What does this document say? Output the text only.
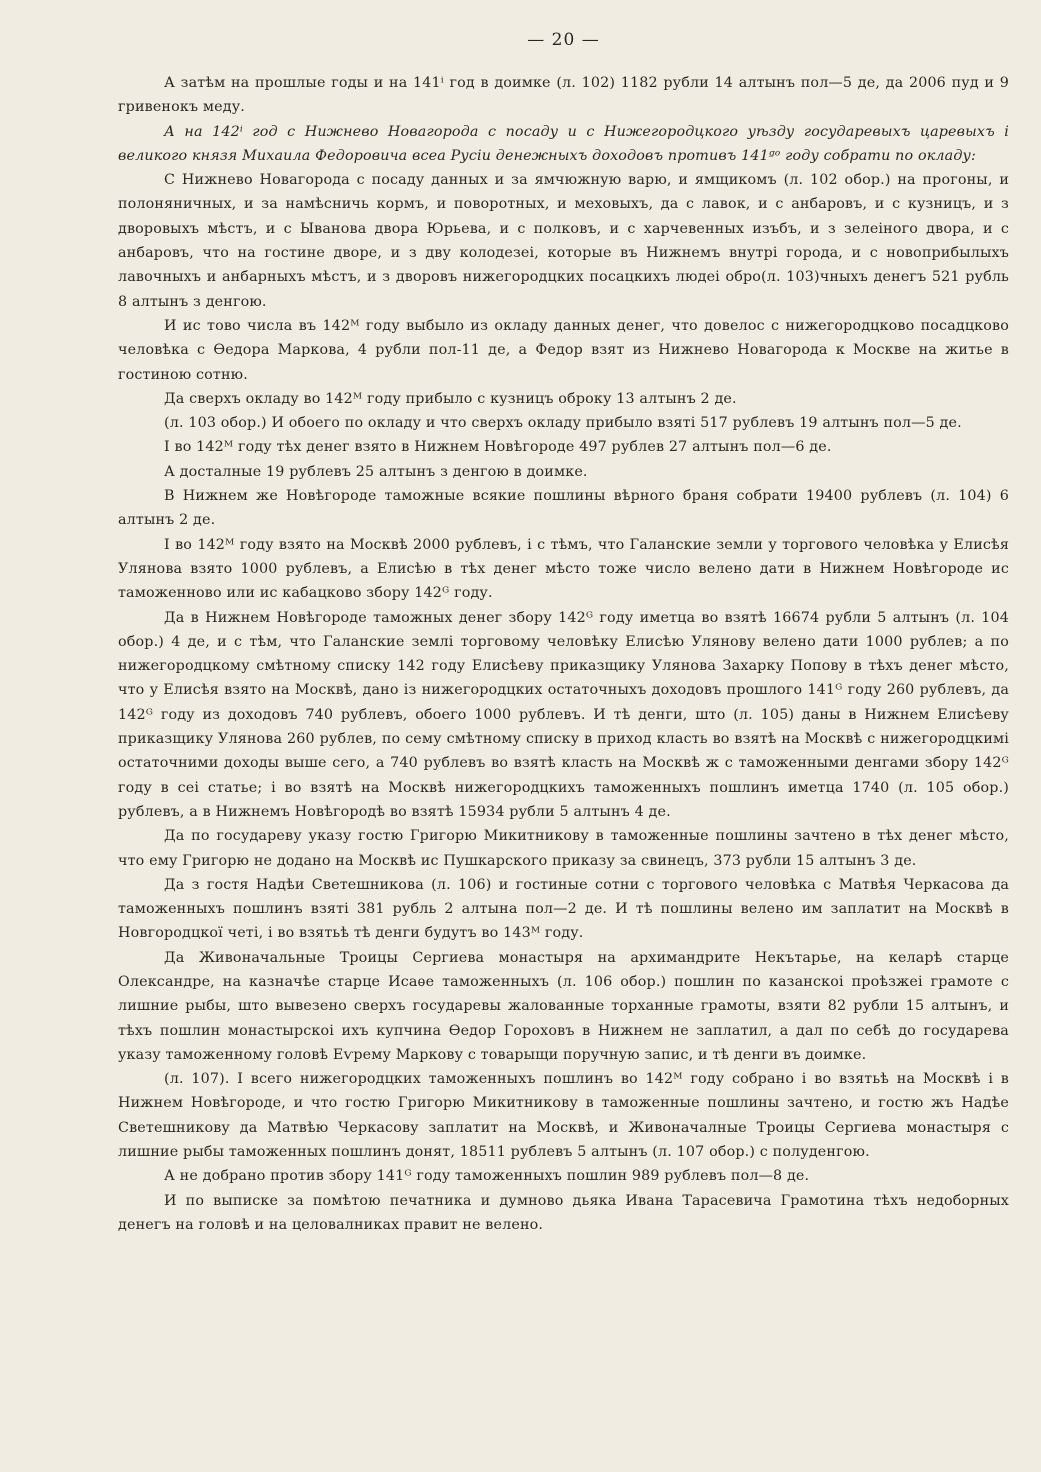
— 20 —

А затѣм на прошлые годы и на 141ⁱ год в доимке (л. 102) 1182 рубли 14 алтынъ пол—5 де, да 2006 пуд и 9 гривенокъ меду.

А на 142ⁱ год с Нижнево Новагорода с посаду и с Нижегородцкого уѣзду государевыхъ царевыхъ і великого князя Михаила Федоровича всеа Русіи денежныхъ доходовъ противъ 141ᵍᵒ году собрати по окладу:

С Нижнево Новагорода с посаду данных и за ямчюжную варю, и ямщикомъ (л. 102 обор.) на прогоны, и полоняничных, и за намѣсничь кормъ, и поворотных, и меховыхъ, да с лавок, и с анбаровъ, и с кузницъ, и з дворовыхъ мѣстъ, и с Ыванова двора Юрьева, и с полковъ, и с харчевенных изъбъ, и з зелеіного двора, и с анбаровъ, что на гостине дворе, и з дву колодезеі, которые въ Нижнемъ внутрі города, и с новоприбылыхъ лавочныхъ и анбарныхъ мѣстъ, и з дворовъ нижегородцких посацкихъ людеі обро(л. 103)чныхъ денегъ 521 рубль 8 алтынъ з денгою.

И ис тово числа въ 142ᴹ году выбыло из окладу данных денег, что довелос с нижегородцково посадцково человѣка с Ѳедора Маркова, 4 рубли пол-11 де, а Федор взят из Нижнево Новагорода к Москве на житье в гостиною сотню.

Да сверхъ окладу во 142ᴹ году прибыло с кузницъ оброку 13 алтынъ 2 де.

(л. 103 обор.) И обоего по окладу и что сверхъ окладу прибыло взяті 517 рублевъ 19 алтынъ пол—5 де.

І во 142ᴹ году тѣх денег взято в Нижнем Новѣгороде 497 рублев 27 алтынъ пол—6 де.

А досталные 19 рублевъ 25 алтынъ з денгою в доимке.

В Нижнем же Новѣгороде таможные всякие пошлины вѣрного браня собрати 19400 рублевъ (л. 104) 6 алтынъ 2 де.

І во 142ᴹ году взято на Москвѣ 2000 рублевъ, і с тѣмъ, что Галанские земли у торгового человѣка у Елисѣя Улянова взято 1000 рублевъ, а Елисѣю в тѣх денег мѣсто тоже число велено дати в Нижнем Новѣгороде ис таможенново или ис кабацково збору 142ᴳ году.

Да в Нижнем Новѣгороде таможных денег збору 142ᴳ году иметца во взятѣ 16674 рубли 5 алтынъ (л. 104 обор.) 4 де, и с тѣм, что Галанские землі торговому человѣку Елисѣю Улянову велено дати 1000 рублев; а по нижегородцкому смѣтному списку 142 году Елисѣеву приказщику Улянова Захарку Попову в тѣхъ денег мѣсто, что у Елисѣя взято на Москвѣ, дано із нижегородцких остаточныхъ доходовъ прошлого 141ᴳ году 260 рублевъ, да 142ᴳ году из доходовъ 740 рублевъ, обоего 1000 рублевъ. И тѣ денги, што (л. 105) даны в Нижнем Елисѣеву приказщику Улянова 260 рублев, по сему смѣтному списку в приход класть во взятѣ на Москвѣ с нижегородцкимі остаточними доходы выше сего, а 740 рублевъ во взятѣ класть на Москвѣ ж с таможенными денгами збору 142ᴳ году в сеі статье; і во взятѣ на Москвѣ нижегородцкихъ таможенныхъ пошлинъ иметца 1740 (л. 105 обор.) рублевъ, а в Нижнемъ Новѣгородѣ во взятѣ 15934 рубли 5 алтынъ 4 де.

Да по государеву указу гостю Григорю Микитникову в таможенные пошлины зачтено в тѣх денег мѣсто, что ему Григорю не додано на Москвѣ ис Пушкарского приказу за свинецъ, 373 рубли 15 алтынъ 3 де.

Да з гостя Надѣи Светешникова (л. 106) и гостиные сотни с торгового человѣка с Матвѣя Черкасова да таможенныхъ пошлинъ взяті 381 рубль 2 алтына пол—2 де. И тѣ пошлины велено им заплатит на Москвѣ в Новгородцкої четі, і во взятьѣ тѣ денги будутъ во 143ᴹ году.

Да Живоначальные Троицы Сергиева монастыря на архимандрите Некътарье, на келарѣ старце Олександре, на казначѣе старце Исаѳе таможенныхъ (л. 106 обор.) пошлин по казанскоі проѣзжеі грамоте с лишние рыбы, што вывезено сверхъ государевы жалованные торханные грамоты, взяти 82 рубли 15 алтынъ, и тѣхъ пошлин монастырскоі ихъ купчина Ѳедор Гороховъ в Нижнем не заплатил, а дал по себѣ до государева указу таможенному головѣ Еѵрему Маркову с товарыщи поручную запис, и тѣ денги въ доимке.

(л. 107). І всего нижегородцких таможенныхъ пошлинъ во 142ᴹ году собрано і во взятьѣ на Москвѣ і в Нижнем Новѣгороде, и что гостю Григорю Микитникову в таможенные пошлины зачтено, и гостю жъ Надѣе Светешникову да Матвѣю Черкасову заплатит на Москвѣ, и Живоначалные Троицы Сергиева монастыря с лишние рыбы таможенных пошлинъ донят, 18511 рублевъ 5 алтынъ (л. 107 обор.) с полуденгою.

А не добрано против збору 141ᴳ году таможенныхъ пошлин 989 рублевъ пол—8 де.

И по выписке за помѣтою печатника и думново дьяка Ивана Тарасевича Грамотина тѣхъ недоборных денегъ на головѣ и на целовалниках правит не велено.
